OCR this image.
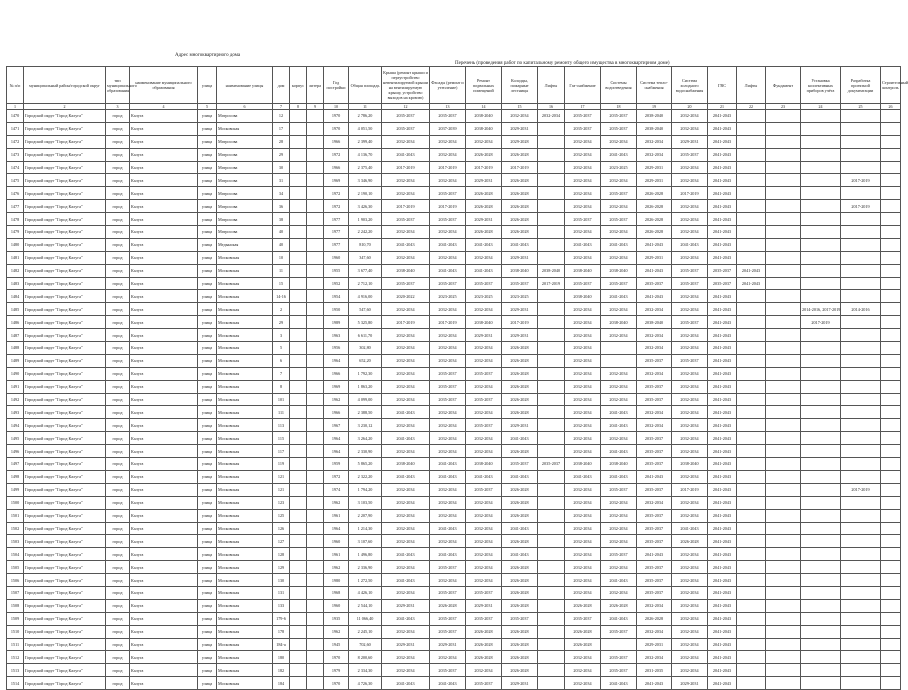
Адрес многоквартирного дома
Перечень (проведения работ по капитальному ремонту общего имущества в многоквартирном доме)
№ п/п	муниципальный район/городской округ	тип муниципального образования	наименование муниципального образования	улица	наименование улицы	дом	корпус	литера	Год постройки	Общая площадь	Крыша (ремонт крыши и переустройство невентилируемой крыши на вентилируемую крышу, устройство выходов на кровлю)	Фасады (ремонт и утепление)	Ремонт подвальных помещений	Колодцы, пожарные лестницы	Лифты	Газ-снабжение	Системы водоотведения	Система тепло-снабжения	Система холодного водоснабжения	ГВС	Лифты	Фундамент	Установка коллективных приборов учёта	Разработка проектной документации	Строительный контроль
1	2	3	4	5	6	7	8	9	10	11	12	13	14	15	16	17	18	19	20	21	22	23	24	25	26
1470	Городской округ "Город Калуга"	город	Калуга	улица	Матросова	12			1970	2 786,20	2035-2037	2035-2037	2038-2040	2032-2034	2032-2034	2035-2037	2035-2037	2038-2040	2032-2034	2041-2043					
1471	Городской округ "Город Калуга"	город	Калуга	улица	Московская	17			1970	4 051,50	2035-2037	2037-2039	2038-2040	2029-2031		2035-2037	2035-2037	2038-2040	2032-2034	2041-2043					
1472	Городской округ "Город Калуга"	город	Калуга	улица	Матросова	28			1966	2 399,40	2032-2034	2032-2034	2032-2034	2029-2028		2032-2034	2032-2034	2032-2034	2029-2031	2041-2043					
1473	Городской округ "Город Калуга"	город	Калуга	улица	Матросова	29			1972	4 136,70	2041-2043	2032-2034	2026-2028	2026-2028		2032-2034	2041-2043	2032-2034	2035-2037	2041-2043					
1474	Городской округ "Город Калуга"	город	Калуга	улица	Матросова	30			1966	2 375,40	2017-2019	2017-2019	2017-2019	2017-2019		2032-2034	2023-2025	2029-2031	2032-2034	2041-2043					
1475	Городской округ "Город Калуга"	город	Калуга	улица	Матросова	31			1969	3 346,90	2032-2034	2032-2034	2029-2031	2026-2028		2032-2034	2032-2034	2029-2031	2032-2034	2041-2043				2017-2019	
1476	Городской округ "Город Калуга"	город	Калуга	улица	Матросова	34			1972	2 190,10	2032-2034	2035-2037	2026-2028	2026-2028		2032-2034	2035-2037	2026-2028	2017-2019	2041-2043					
1477	Городской округ "Город Калуга"	город	Калуга	улица	Матросова	36			1972	3 426,30	2017-2019	2017-2019	2026-2028	2026-2028		2032-2034	2032-2034	2026-2028	2032-2034	2041-2043				2017-2019	
1478	Городской округ "Город Калуга"	город	Калуга	улица	Матросова	38			1977	1 903,20	2035-2037	2035-2037	2029-2031	2026-2028		2035-2037	2035-2037	2026-2028	2032-2034	2041-2043					
1479	Городской округ "Город Калуга"	город	Калуга	улица	Матросова	40			1977	2 242,20	2032-2034	2032-2034	2026-2028	2026-2028		2032-2034	2032-2034	2026-2028	2032-2034	2041-2043					
1480	Городской округ "Город Калуга"	город	Калуга	улица	Медынская	40			1977	810,70	2041-2043	2041-2043	2041-2043	2041-2043		2041-2043	2041-2043	2041-2043	2041-2043	2041-2043					
1481	Городской округ "Город Калуга"	город	Калуга	улица	Московская	10			1960	347,60	2032-2034	2032-2034	2032-2034	2029-2031		2032-2034	2032-2034	2029-2031	2032-2034	2041-2043					
1482	Городской округ "Город Калуга"	город	Калуга	улица	Московская	11			1955	3 677,40	2038-2040	2041-2043	2041-2043	2038-2040	2038-2040	2038-2040	2038-2040	2041-2043	2035-2037	2035-2037	2041-2043				
1483	Городской округ "Город Калуга"	город	Калуга	улица	Московская	15			1952	2 712,10	2035-2037	2035-2037	2035-2037	2035-2037	2017-2019	2035-2037	2035-2037	2035-2037	2035-2037	2035-2037	2041-2043				
1484	Городской округ "Город Калуга"	город	Калуга	улица	Московская	14-16			1954	4 916,00	2020-2022	2023-2025	2023-2025	2023-2025		2038-2040	2041-2043	2041-2043	2032-2034	2041-2043					
1485	Городской округ "Город Калуга"	город	Калуга	улица	Московская	2			1950	547,60	2032-2034	2032-2034	2032-2034	2029-2031		2032-2034	2032-2034	2032-2034	2032-2034	2041-2043			2014-2016, 2017-2019	2014-2016	
1486	Городской округ "Город Калуга"	город	Калуга	улица	Московская	29			1989	5 325,80	2017-2019	2017-2019	2038-2040	2017-2019		2032-2034	2038-2040	2038-2040	2035-2037	2041-2043			2017-2019		
1487	Городской округ "Город Калуга"	город	Калуга	улица	Московская	3			1963	6 611,70	2032-2034	2032-2034	2029-2031	2029-2031		2032-2034	2032-2034	2032-2034	2032-2034	2041-2043					
1488	Городской округ "Город Калуга"	город	Калуга	улица	Московская	5			1956	302,80	2032-2034	2032-2034	2032-2034	2026-2028		2032-2034		2032-2034	2032-2034	2041-2043					
1489	Городской округ "Город Калуга"	город	Калуга	улица	Московская	6			1964	652,20	2032-2034	2032-2034	2032-2034	2026-2028		2032-2034		2035-2037	2035-2037	2041-2043					
1490	Городской округ "Город Калуга"	город	Калуга	улица	Московская	7			1966	1 792,30	2032-2034	2035-2037	2035-2037	2026-2028		2032-2034	2032-2034	2032-2034	2032-2034	2041-2043					
1491	Городской округ "Город Калуга"	город	Калуга	улица	Московская	8			1969	1 863,20	2032-2034	2035-2037	2032-2034	2026-2028		2032-2034	2032-2034	2035-2037	2032-2034	2041-2043					
1492	Городской округ "Город Калуга"	город	Калуга	улица	Московская	101			1962	4 099,00	2032-2034	2035-2037	2035-2037	2026-2028		2032-2034	2032-2034	2035-2037	2032-2034	2041-2043					
1493	Городской округ "Город Калуга"	город	Калуга	улица	Московская	111			1966	2 388,50	2041-2043	2032-2034	2032-2034	2026-2028		2032-2034	2041-2043	2032-2034	2032-2034	2041-2043					
1494	Городской округ "Город Калуга"	город	Калуга	улица	Московская	113			1967	3 230,12	2032-2034	2032-2034	2035-2037	2029-2031		2032-2034	2041-2043	2032-2034	2032-2034	2041-2043					
1495	Городской округ "Город Калуга"	город	Калуга	улица	Московская	115			1964	3 264,20	2041-2043	2032-2034	2032-2034	2041-2043		2032-2034	2032-2034	2035-2037	2032-2034	2041-2043					
1496	Городской округ "Город Калуга"	город	Калуга	улица	Московская	117			1964	2 330,90	2032-2034	2032-2034	2032-2034	2026-2028		2032-2034	2041-2043	2035-2037	2032-2034	2041-2043					
1497	Городской округ "Город Калуга"	город	Калуга	улица	Московская	119			1959	5 865,20	2038-2040	2041-2043	2038-2040	2035-2037	2035-2037	2038-2040	2038-2040	2035-2037	2038-2040	2041-2043					
1498	Городской округ "Город Калуга"	город	Калуга	улица	Московская	121			1972	2 322,20	2041-2043	2041-2043	2041-2043	2041-2043		2041-2043	2041-2043	2041-2043	2032-2034	2041-2043					
1499	Городской округ "Город Калуга"	город	Калуга	улица	Московская	121			1974	1 794,20	2032-2034	2032-2034	2035-2037	2026-2028		2032-2034	2035-2037	2035-2037	2017-2019	2041-2043				2017-2019	
1500	Городской округ "Город Калуга"	город	Калуга	улица	Московская	123			1962	3 103,50	2032-2034	2032-2034	2032-2034	2026-2028		2032-2034	2032-2034	2032-2034	2032-2034	2041-2043					
1501	Городской округ "Город Калуга"	город	Калуга	улица	Московская	125			1961	2 207,90	2032-2034	2032-2034	2032-2034	2026-2028		2032-2034	2032-2034	2035-2037	2032-2034	2041-2043					
1502	Городской округ "Город Калуга"	город	Калуга	улица	Московская	126			1964	1 214,30	2032-2034	2041-2043	2032-2034	2041-2043		2032-2034	2032-2034	2035-2037	2041-2043	2041-2043					
1503	Городской округ "Город Калуга"	город	Калуга	улица	Московская	127			1960	3 107,60	2032-2034	2032-2034	2032-2034	2026-2028		2032-2034	2032-2034	2035-2037	2026-2028	2041-2043					
1504	Городской округ "Город Калуга"	город	Калуга	улица	Московская	128			1961	1 496,80	2041-2043	2041-2043	2032-2034	2041-2043		2032-2034	2035-2037	2041-2043	2032-2034	2041-2043					
1505	Городской округ "Город Калуга"	город	Калуга	улица	Московская	129			1962	2 336,90	2032-2034	2035-2037	2032-2034	2026-2028		2032-2034	2032-2034	2035-2037	2032-2034	2041-2043					
1506	Городской округ "Город Калуга"	город	Калуга	улица	Московская	130			1980	1 272,50	2041-2043	2032-2034	2032-2034	2026-2028		2032-2034	2041-2043	2035-2037	2032-2034	2041-2043					
1507	Городской округ "Город Калуга"	город	Калуга	улица	Московская	131			1968	4 426,10	2032-2034	2035-2037	2035-2037	2026-2028		2032-2034	2032-2034	2035-2037	2032-2034	2041-2043					
1508	Городской округ "Город Калуга"	город	Калуга	улица	Московская	133			1960	2 544,10	2029-2031	2026-2028	2029-2031	2026-2028		2026-2028	2026-2028	2032-2034	2032-2034	2041-2043					
1509	Городской округ "Город Калуга"	город	Калуга	улица	Московская	179-6			1935	11 066,40	2041-2043	2035-2037	2035-2037	2035-2037		2035-2037	2041-2043	2026-2028	2032-2034	2041-2043					
1510	Городской округ "Город Калуга"	город	Калуга	улица	Московская	178			1962	2 245,10	2032-2034	2035-2037	2026-2028	2026-2028		2026-2028	2035-2037	2032-2034	2032-2034	2041-2043					
1511	Городской округ "Город Калуга"	город	Калуга	улица	Московская	184-а			1945	702,60	2029-2031	2029-2031	2026-2028	2026-2028		2026-2028		2029-2031	2032-2034	2041-2043					
1512	Городской округ "Город Калуга"	город	Калуга	улица	Московская	180			1970	8 200,60	2032-2034	2032-2034	2026-2028	2026-2028		2032-2034	2035-2037	2032-2034	2032-2034	2041-2043					
1513	Городской округ "Город Калуга"	город	Калуга	улица	Московская	182			1979	2 334,30	2032-2034	2035-2037	2032-2034	2026-2028		2032-2034	2035-2037	2031-2035	2032-2034	2041-2043					
1514	Городской округ "Город Калуга"	город	Калуга	улица	Московская	184			1970	4 726,30	2041-2043	2041-2043	2035-2037	2029-2031		2032-2034	2041-2043	2041-2043	2029-2031	2041-2043					
